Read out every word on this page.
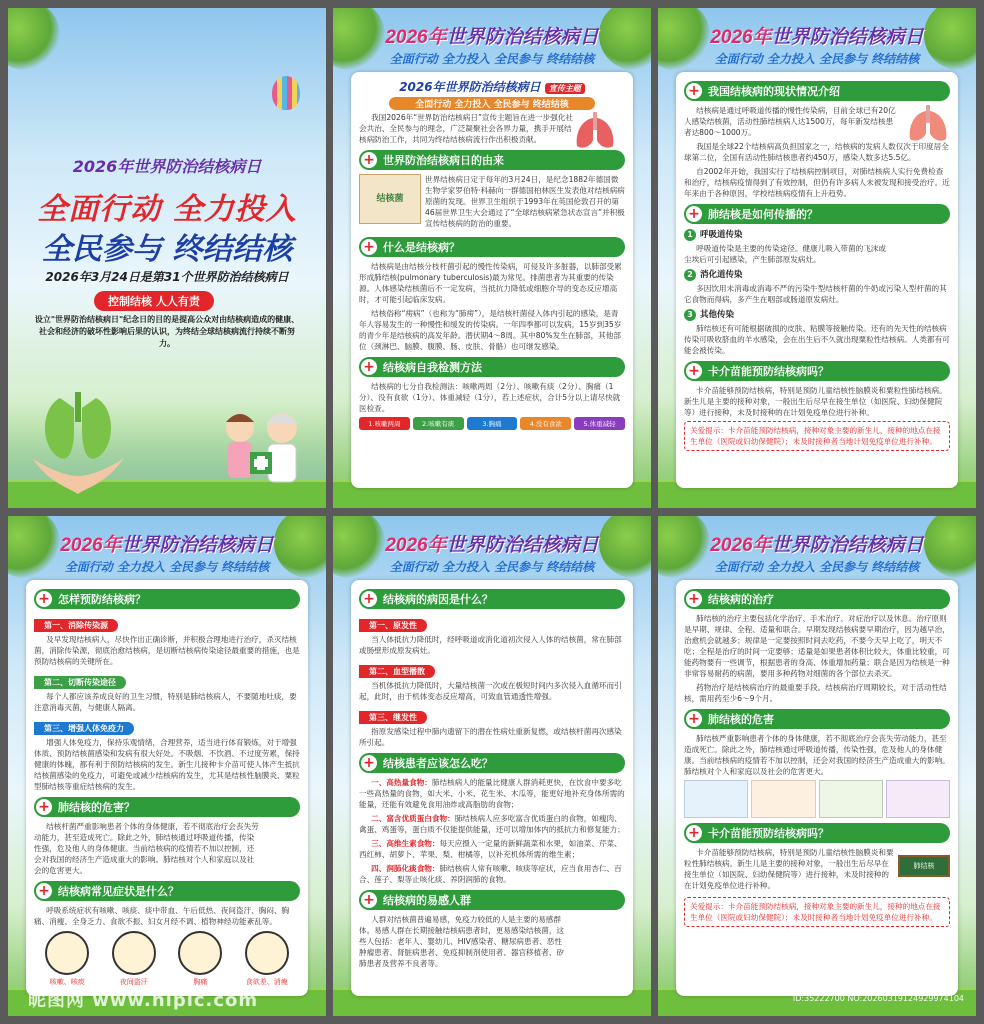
2026年世界防治结核病日
全面行动 全力投入
全民参与 终结结核
2026年3月24日是第31个世界防治结核病日
控制结核 人人有责
设立"世界防治结核病日"纪念日的目的是提高公众对由结核病造成的健康、社会和经济的破坏性影响后果的认识，为终结全球结核病流行持续不断努力。
2026年世界防治结核病日
全面行动 全力投入 全民参与 终结结核
2026年世界防治结核病日 宣传主题
全面行动 全力投入 全民参与 终结结核

我国2026年“世界防治结核病日”宣传主题旨在进一步强化社会共治、全民参与的理念，广泛凝聚社会各界力量，携手开展结核病防治工作，共同为终结结核病流行作出积极贡献。

+ 世界防治结核病日的由来
结核菌

世界结核病日定于每年的3月24日，是纪念1882年德国微生物学家罗伯特·科赫向一群德国柏林医生发表他对结核病病原菌的发现。世界卫生组织于1993年在英国伦敦召开的第46届世界卫生大会通过了“全球结核病紧急状态宣言”并积极宣传结核病的防治的重要。

+ 什么是结核病？

结核病是由结核分枝杆菌引起的慢性传染病，可侵及许多脏器，以肺部受累形成肺结核(pulmonary tuberculosis)最为常见。排菌患者为其重要的传染源。人体感染结核菌后不一定发病，当抵抗力降低或细胞介导的变态反应增高时，才可能引起临床发病。

结核俗称“痨病”（也称为“肺痨”），是结核杆菌侵入体内引起的感染，是青年人容易发生的一种慢性和缓发的传染病。一年四季都可以发病，15岁到35岁的青少年是结核病的高发年龄。潜伏期4～8周。其中80%发生在肺部，其他部位（颈淋巴、脑膜、腹膜、肠、皮肤、骨骼）也可继发感染。

+ 结核病自我检测方法

结核病的七分自我检测法：咳嗽两周（2分）、咳嗽有痰（2分）、胸痛（1分）、没有食欲（1分）、体重减轻（1分），若上述症状，合计5分以上请尽快就医检查。

1.咳嗽两周	2.咳嗽有痰	3.胸痛	4.没有食欲	5.体重减轻
2026年世界防治结核病日
全面行动 全力投入 全民参与 终结结核
+ 我国结核病的现状情况介绍

结核病是通过呼吸道传播的慢性传染病，目前全球已有20亿人感染结核菌，活动性肺结核病人达1500万，每年新发结核患者达800～1000万。

我国是全球22个结核病高负担国家之一，结核病的发病人数仅次于印度居全球第二位，全国有活动性肺结核患者约450万，感染人数多达5.5亿。

自2002年开始，我国实行了结核病控制项目，对肺结核病人实行免费检查和治疗，结核病疫情得到了有效控制，但仍有许多病人未被发现和接受治疗。近年来由于各种原因，学校结核病疫情有上升趋势。

+ 肺结核是如何传播的？
1 呼吸道传染

呼吸道传染是主要的传染途径。健康儿吸入带菌的飞沫或尘埃后可引起感染，产生肺部原发病灶。

2 消化道传染

多因饮用未消毒或消毒不严的污染牛型结核杆菌的牛奶或污染人型杆菌的其它食物而得病，多产生在咽部或肠道原发病灶。

3 其他传染

肺结核还有可能根据破损的皮肤、粘膜等接触传染。还有的先天性的结核病传染可吸收脐血的羊水感染，会在出生后不久就出现粟粒性结核病。人类都有可能会被传染。

+ 卡介苗能预防结核病吗？

卡介苗能够预防结核病，特别是预防儿童结核性脑膜炎和粟粒性肺结核病。新生儿是主要的接种对象，一般出生后尽早在接生单位（如医院、妇幼保健院等）进行接种，未及时接种的在计划免疫单位进行补种。

关爱提示：卡介苗能预防结核病，接种对象主要的新生儿，接种的地点在接生单位（医院或妇幼保健院）；未及时接种者当地计划免疫单位进行补种。
2026年世界防治结核病日
全面行动 全力投入 全民参与 终结结核
+ 怎样预防结核病？
第一、消除传染源

及早发现结核病人，尽快作出正确诊断，并积极合理地进行治疗，杀灭结核菌，消除传染源，彻底治愈结核病，是切断结核病传染途径最重要的措施，也是预防结核病的关键所在。

第二、切断传染途径

每个人都应该养成良好的卫生习惯，特别是肺结核病人，不要随地吐痰，要注意消毒灭菌，与健康人隔离。

第三、增强人体免疫力

增强人体免疫力，保持乐观情绪，合理营养，适当进行体育锻炼，对于增强体质、预防结核菌感染和发病有很大好处。不吸烟、不饮酒、不过度劳累，保持健康的体魄，都有利于预防结核病的发生。新生儿接种卡介苗可使人体产生抵抗结核菌感染的免疫力，可避免或减少结核病的发生，尤其是结核性脑膜炎、粟粒型肺结核等重症结核病的发生。

+ 肺结核的危害？

结核杆菌严重影响患者个体的身体健康，若不彻底治疗会丧失劳动能力，甚至造成死亡。除此之外，肺结核通过呼吸道传播，传染性强，危及他人的身体健康。当前结核病的疫情若不加以控制，还会对我国的经济生产造成重大的影响。肺结核对个人和家庭以及社会的危害更大。

+ 结核病常见症状是什么？

呼吸系统症状有咳嗽、咳痰、痰中带血、午后低热、夜间盗汗、胸闷、胸痛、消瘦、全身乏力、食欲不振、妇女月经不调、植物神经功能紊乱等。

咳嗽、咳痰	夜间盗汗	胸痛	食欲差、消瘦
昵图网 www.nipic.com
2026年世界防治结核病日
全面行动 全力投入 全民参与 终结结核
+ 结核病的病因是什么？
第一、原发性

当人体抵抗力降低时，经呼吸道或消化道初次侵入人体的结核菌，常在肺部或肠壁形成原发病灶。

第二、血型播散

当机体抵抗力降低时，大量结核菌一次或在极短时间内多次侵入血循环而引起，此时，由于机体变态反应增高，可致血管通透性增强。

第三、继发性

指原发感染过程中肺内遗留下的潜在性病灶重新复燃，或结核杆菌再次感染所引起。

+ 结核患者应该怎么吃？

一、高热量食物：肺结核病人的能量比健康人群消耗更快，在饮食中要多吃一些高热量的食物，如大米、小米、花生米、木瓜等，能更好地补充身体所需的能量，还能有效避免食用油炸或高脂肪的食物；

二、富含优质蛋白食物：肺结核病人应多吃富含优质蛋白的食物，如瘦肉、禽蛋、鸡蛋等，蛋白质不仅能提供能量，还可以增加体内的抵抗力和修复能力；

三、高维生素食物：每天应摄入一定量的新鲜蔬菜和水果，如油菜、芹菜、西红柿、胡萝卜、苹果、梨、柑橘等，以补充机体所需的维生素；

四、润肺化痰食物：肺结核病人常有咳嗽、咳痰等症状，应当食用杏仁、百合、莲子、梨等止咳化痰、养阴润肺的食物。

+ 结核病的易感人群

人群对结核菌普遍易感，免疫力较低的人是主要的易感群体。易感人群在长期接触结核病患者时，更易感染结核菌，这些人包括：老年人、婴幼儿、HIV感染者、糖尿病患者、恶性肿瘤患者、肾脏病患者、免疫抑制剂使用者、器官移植者、矽肺患者及营养不良者等。

2026年世界防治结核病日
全面行动 全力投入 全民参与 终结结核
+ 结核病的治疗

肺结核的治疗主要包括化学治疗、手术治疗、对症治疗以及休息。治疗原则是早期、规律、全程、适量和联合。早期发现结核病要早期治疗，因为越早治，治愈机会就越多；规律是一定要按照时间去吃药，不要今天早上吃了，明天不吃；全程是治疗的时间一定要够；适量是如果患者体积比较大，体重比较重，可能药物要有一些调节，根据患者的身高、体重增加药量；联合是因为结核是一种非常容易耐药的病菌，要用多种药物对细菌的各个部位去杀灭。

药物治疗是结核病治疗的最重要手段。结核病治疗周期较长，对于活动性结核，需用药至少6～9个月。

+ 肺结核的危害

肺结核严重影响患者个体的身体健康，若不彻底治疗会丧失劳动能力，甚至造成死亡。除此之外，肺结核通过呼吸道传播，传染性强，危及他人的身体健康。当前结核病的疫情若不加以控制，还会对我国的经济生产造成重大的影响。肺结核对个人和家庭以及社会的危害更大。

+ 卡介苗能预防结核病吗？

卡介苗能够预防结核病，特别是预防儿童结核性脑膜炎和粟粒性肺结核病。新生儿是主要的接种对象，一般出生后尽早在接生单位（如医院、妇幼保健院等）进行接种，未及时接种的在计划免疫单位进行补种。

肺结核
关爱提示：卡介苗能预防结核病，接种对象主要的新生儿，接种的地点在接生单位（医院或妇幼保健院）；未及时接种者当地计划免疫单位进行补种。
ID:35222700 NO:20260319124929974104
